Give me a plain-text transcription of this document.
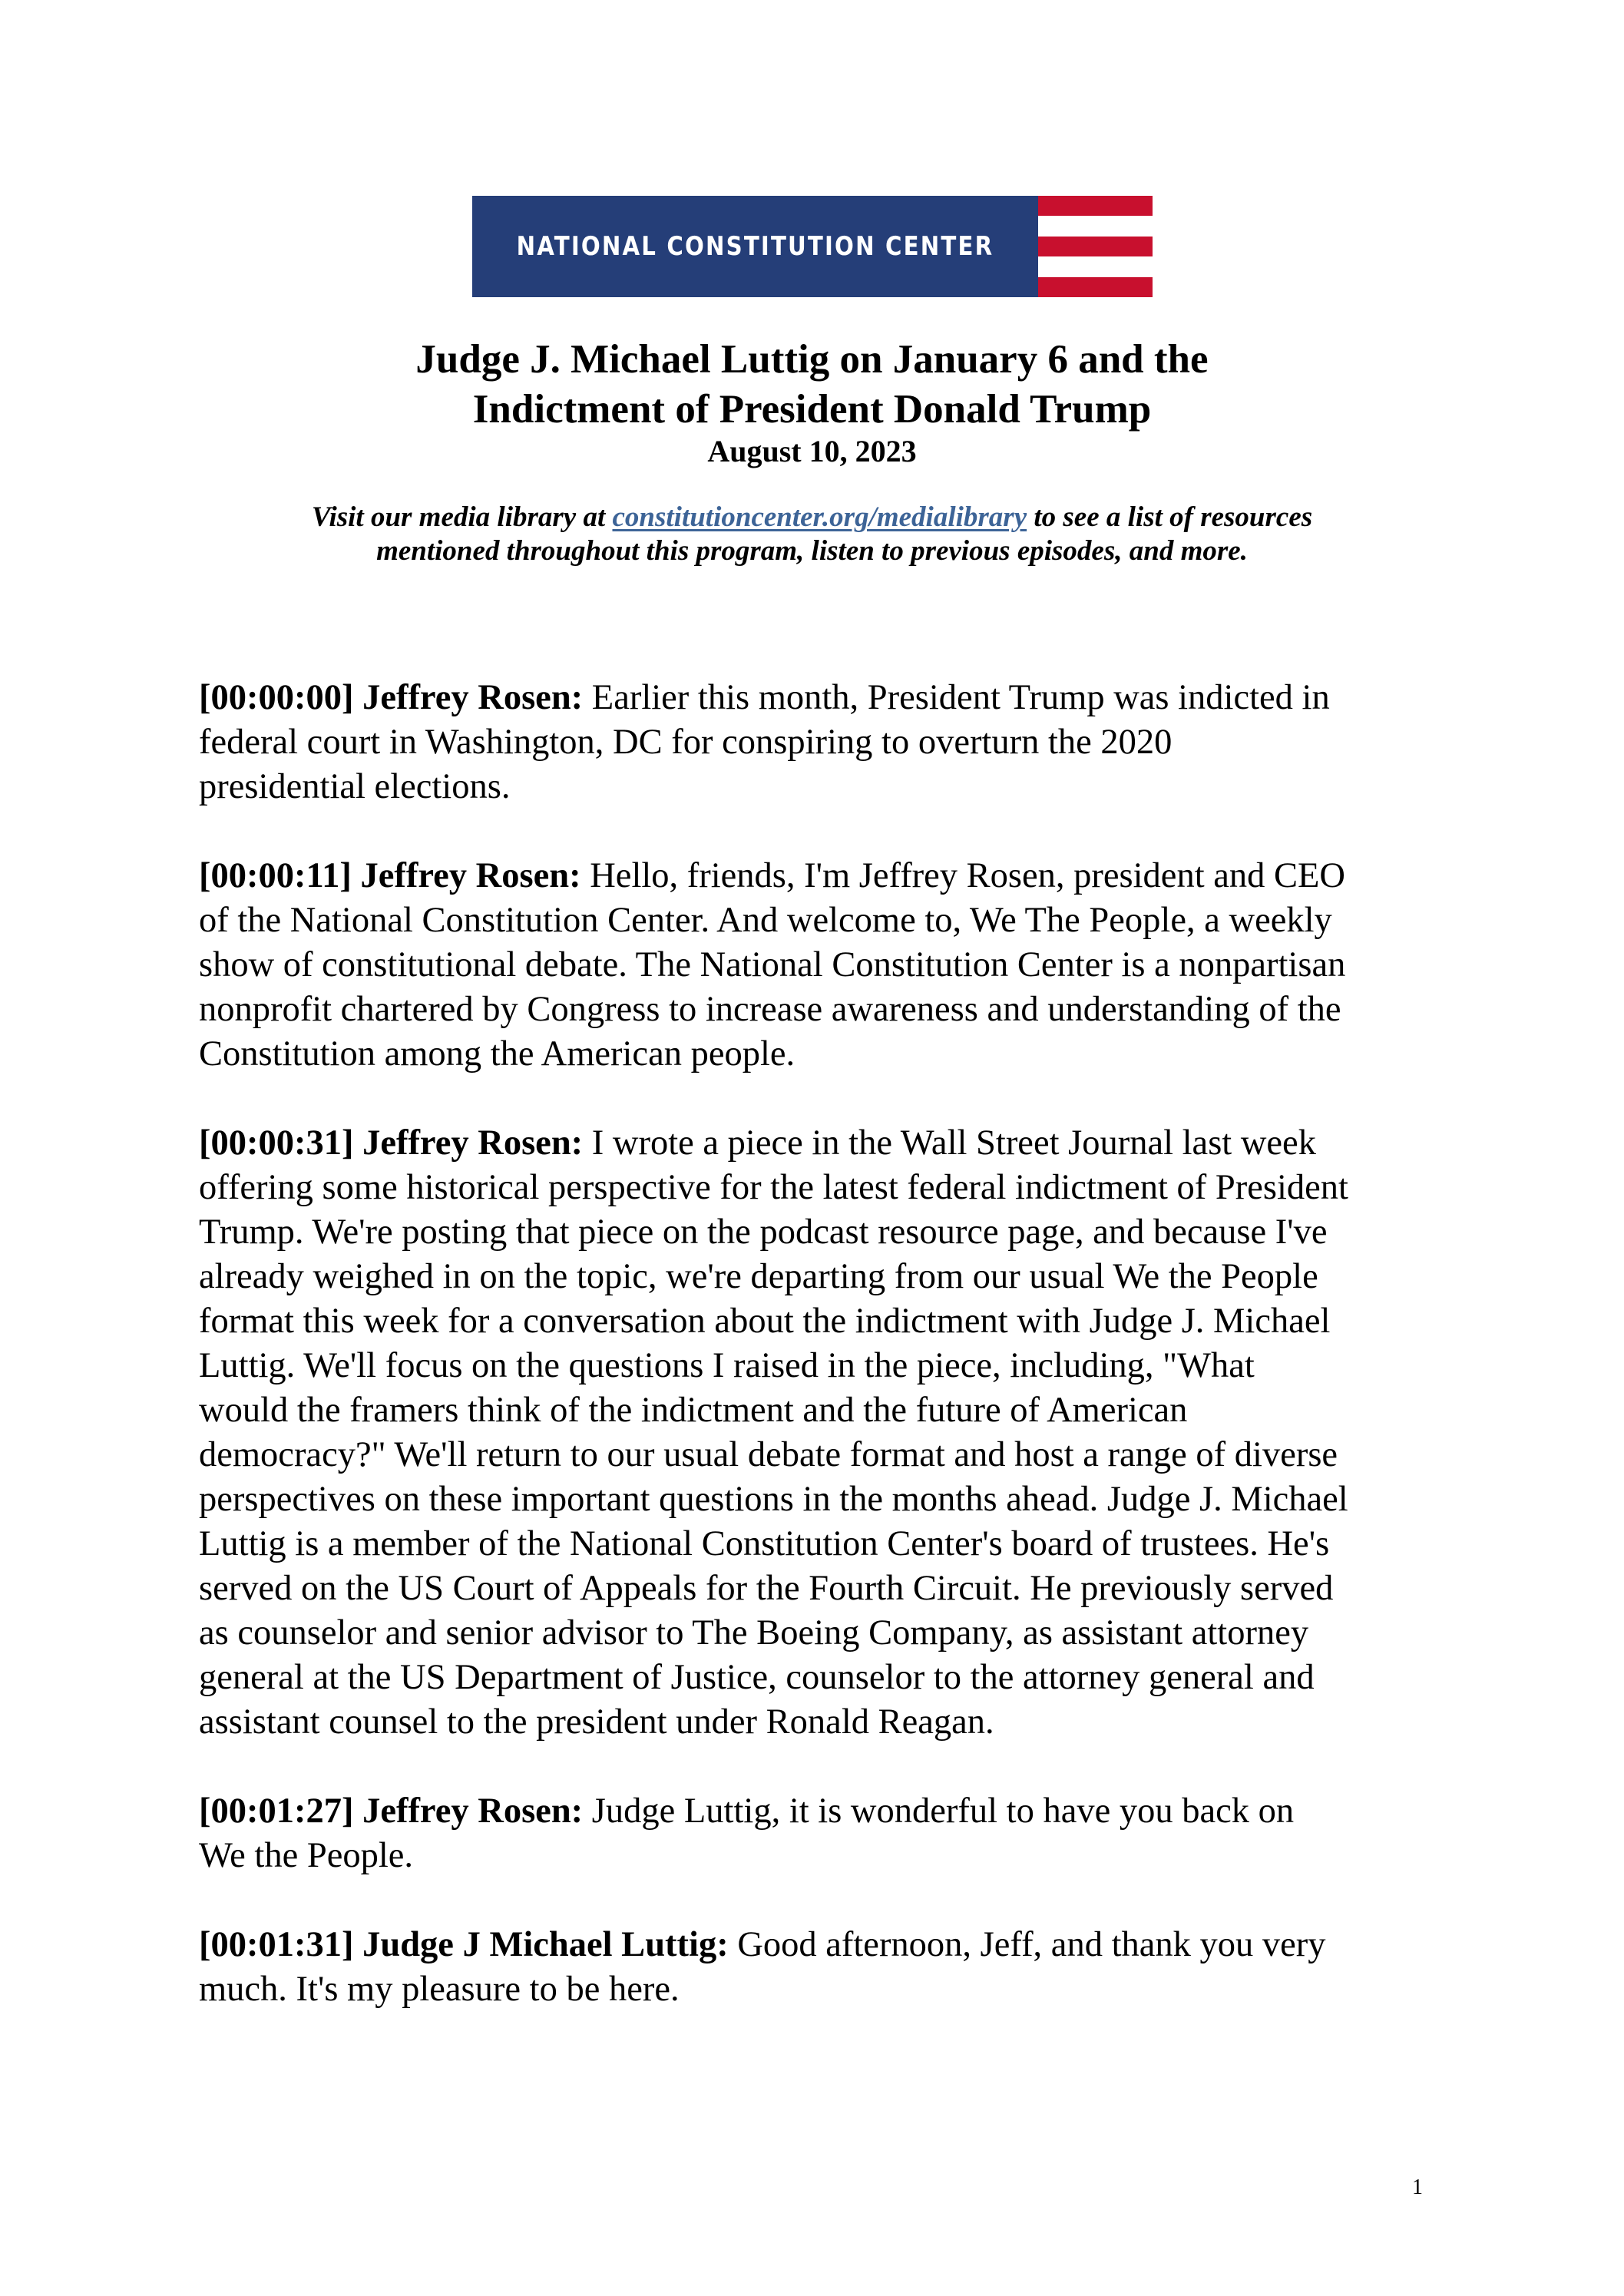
NATIONAL CONSTITUTION CENTER
Judge J. Michael Luttig on January 6 and the
Indictment of President Donald Trump
August 10, 2023
Visit our media library at constitutioncenter.org/medialibrary to see a list of resources
mentioned throughout this program, listen to previous episodes, and more.

[00:00:00] Jeffrey Rosen: Earlier this month, President Trump was indicted in
federal court in Washington, DC for conspiring to overturn the 2020
presidential elections.

[00:00:11] Jeffrey Rosen: Hello, friends, I'm Jeffrey Rosen, president and CEO
of the National Constitution Center. And welcome to, We The People, a weekly
show of constitutional debate. The National Constitution Center is a nonpartisan
nonprofit chartered by Congress to increase awareness and understanding of the
Constitution among the American people.

[00:00:31] Jeffrey Rosen: I wrote a piece in the Wall Street Journal last week
offering some historical perspective for the latest federal indictment of President
Trump. We're posting that piece on the podcast resource page, and because I've
already weighed in on the topic, we're departing from our usual We the People
format this week for a conversation about the indictment with Judge J. Michael
Luttig. We'll focus on the questions I raised in the piece, including, "What
would the framers think of the indictment and the future of American
democracy?" We'll return to our usual debate format and host a range of diverse
perspectives on these important questions in the months ahead. Judge J. Michael
Luttig is a member of the National Constitution Center's board of trustees. He's
served on the US Court of Appeals for the Fourth Circuit. He previously served
as counselor and senior advisor to The Boeing Company, as assistant attorney
general at the US Department of Justice, counselor to the attorney general and
assistant counsel to the president under Ronald Reagan.

[00:01:27] Jeffrey Rosen: Judge Luttig, it is wonderful to have you back on
We the People.

[00:01:31] Judge J Michael Luttig: Good afternoon, Jeff, and thank you very
much. It's my pleasure to be here.

1
